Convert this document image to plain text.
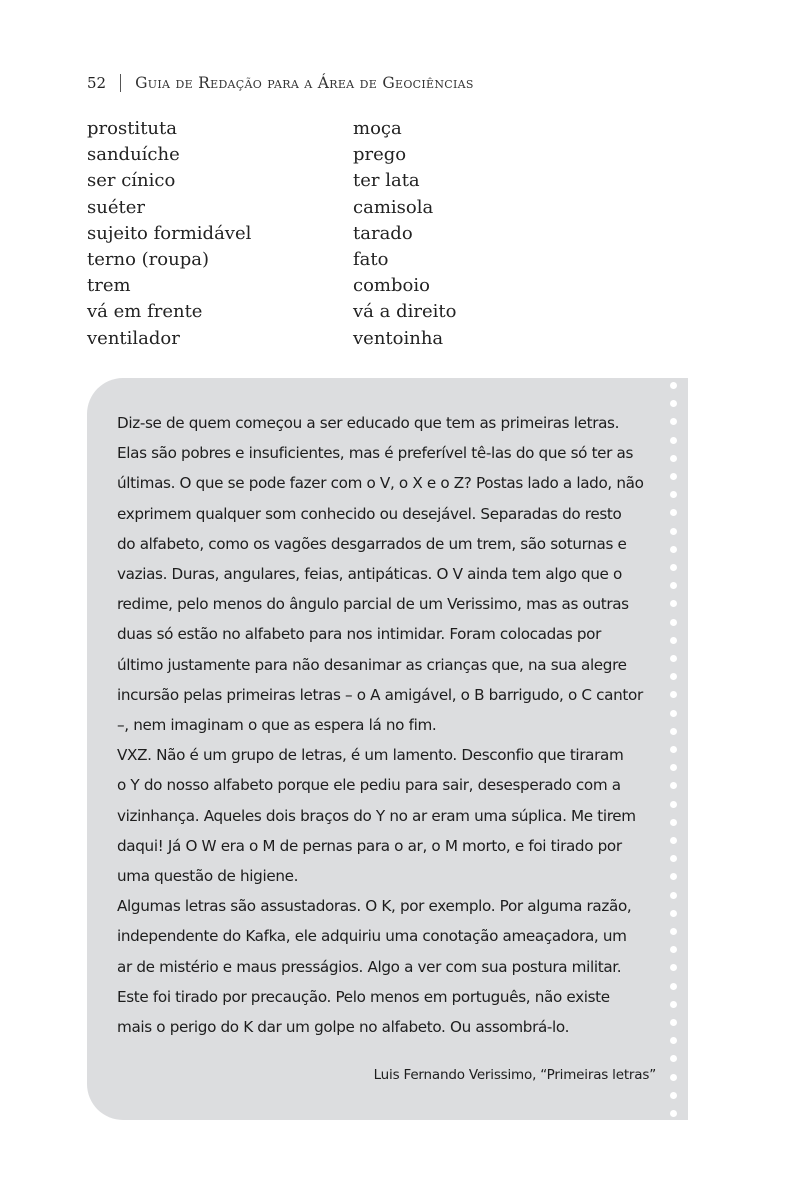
52 Guia de Redação para a Área de Geociências
prostituta	moça
sanduíche	prego
ser cínico	ter lata
suéter	camisola
sujeito formidável	tarado
terno (roupa)	fato
trem	comboio
vá em frente	vá a direito
ventilador	ventoinha
Diz-se de quem começou a ser educado que tem as primeiras letras.
Elas são pobres e insuficientes, mas é preferível tê-las do que só ter as
últimas. O que se pode fazer com o V, o X e o Z? Postas lado a lado, não
exprimem qualquer som conhecido ou desejável. Separadas do resto
do alfabeto, como os vagões desgarrados de um trem, são soturnas e
vazias. Duras, angulares, feias, antipáticas. O V ainda tem algo que o
redime, pelo menos do ângulo parcial de um Verissimo, mas as outras
duas só estão no alfabeto para nos intimidar. Foram colocadas por
último justamente para não desanimar as crianças que, na sua alegre
incursão pelas primeiras letras – o A amigável, o B barrigudo, o C cantor
–, nem imaginam o que as espera lá no fim.
VXZ. Não é um grupo de letras, é um lamento. Desconfio que tiraram
o Y do nosso alfabeto porque ele pediu para sair, desesperado com a
vizinhança. Aqueles dois braços do Y no ar eram uma súplica. Me tirem
daqui! Já O W era o M de pernas para o ar, o M morto, e foi tirado por
uma questão de higiene.
Algumas letras são assustadoras. O K, por exemplo. Por alguma razão,
independente do Kafka, ele adquiriu uma conotação ameaçadora, um
ar de mistério e maus presságios. Algo a ver com sua postura militar.
Este foi tirado por precaução. Pelo menos em português, não existe
mais o perigo do K dar um golpe no alfabeto. Ou assombrá-lo.
Luis Fernando Verissimo, “Primeiras letras”
